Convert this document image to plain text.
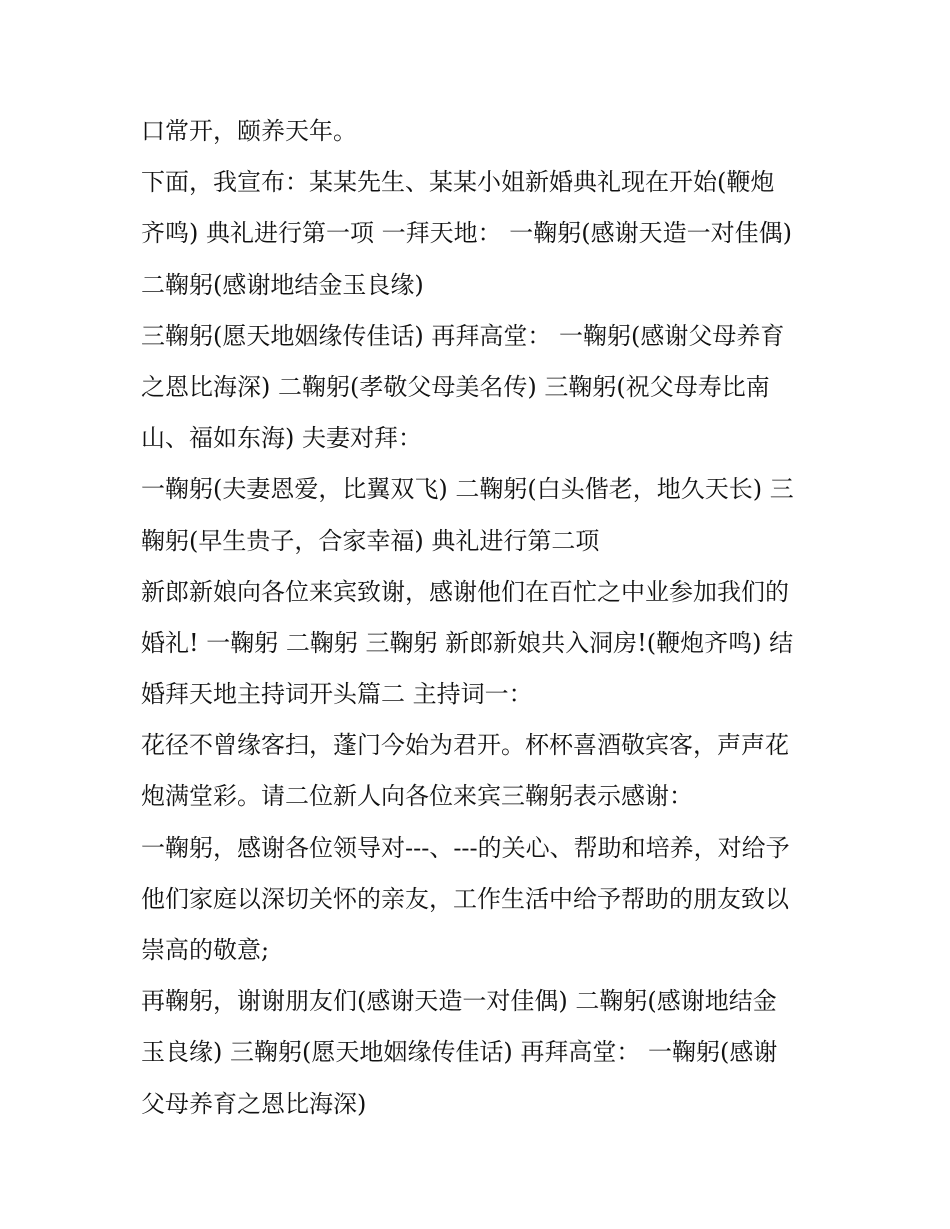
口常开，颐养天年。

下面，我宣布：某某先生、某某小姐新婚典礼现在开始(鞭炮

齐鸣) 典礼进行第一项 一拜天地： 一鞠躬(感谢天造一对佳偶)

二鞠躬(感谢地结金玉良缘)

三鞠躬(愿天地姻缘传佳话) 再拜高堂： 一鞠躬(感谢父母养育

之恩比海深) 二鞠躬(孝敬父母美名传) 三鞠躬(祝父母寿比南

山、福如东海) 夫妻对拜：

一鞠躬(夫妻恩爱，比翼双飞) 二鞠躬(白头偕老，地久天长) 三

鞠躬(早生贵子，合家幸福) 典礼进行第二项

新郎新娘向各位来宾致谢，感谢他们在百忙之中业参加我们的

婚礼! 一鞠躬 二鞠躬 三鞠躬 新郎新娘共入洞房!(鞭炮齐鸣) 结

婚拜天地主持词开头篇二 主持词一：

花径不曾缘客扫，蓬门今始为君开。杯杯喜酒敬宾客，声声花

炮满堂彩。请二位新人向各位来宾三鞠躬表示感谢：

一鞠躬，感谢各位领导对---、---的关心、帮助和培养，对给予

他们家庭以深切关怀的亲友，工作生活中给予帮助的朋友致以

崇高的敬意;

再鞠躬，谢谢朋友们(感谢天造一对佳偶) 二鞠躬(感谢地结金

玉良缘) 三鞠躬(愿天地姻缘传佳话) 再拜高堂： 一鞠躬(感谢

父母养育之恩比海深)
